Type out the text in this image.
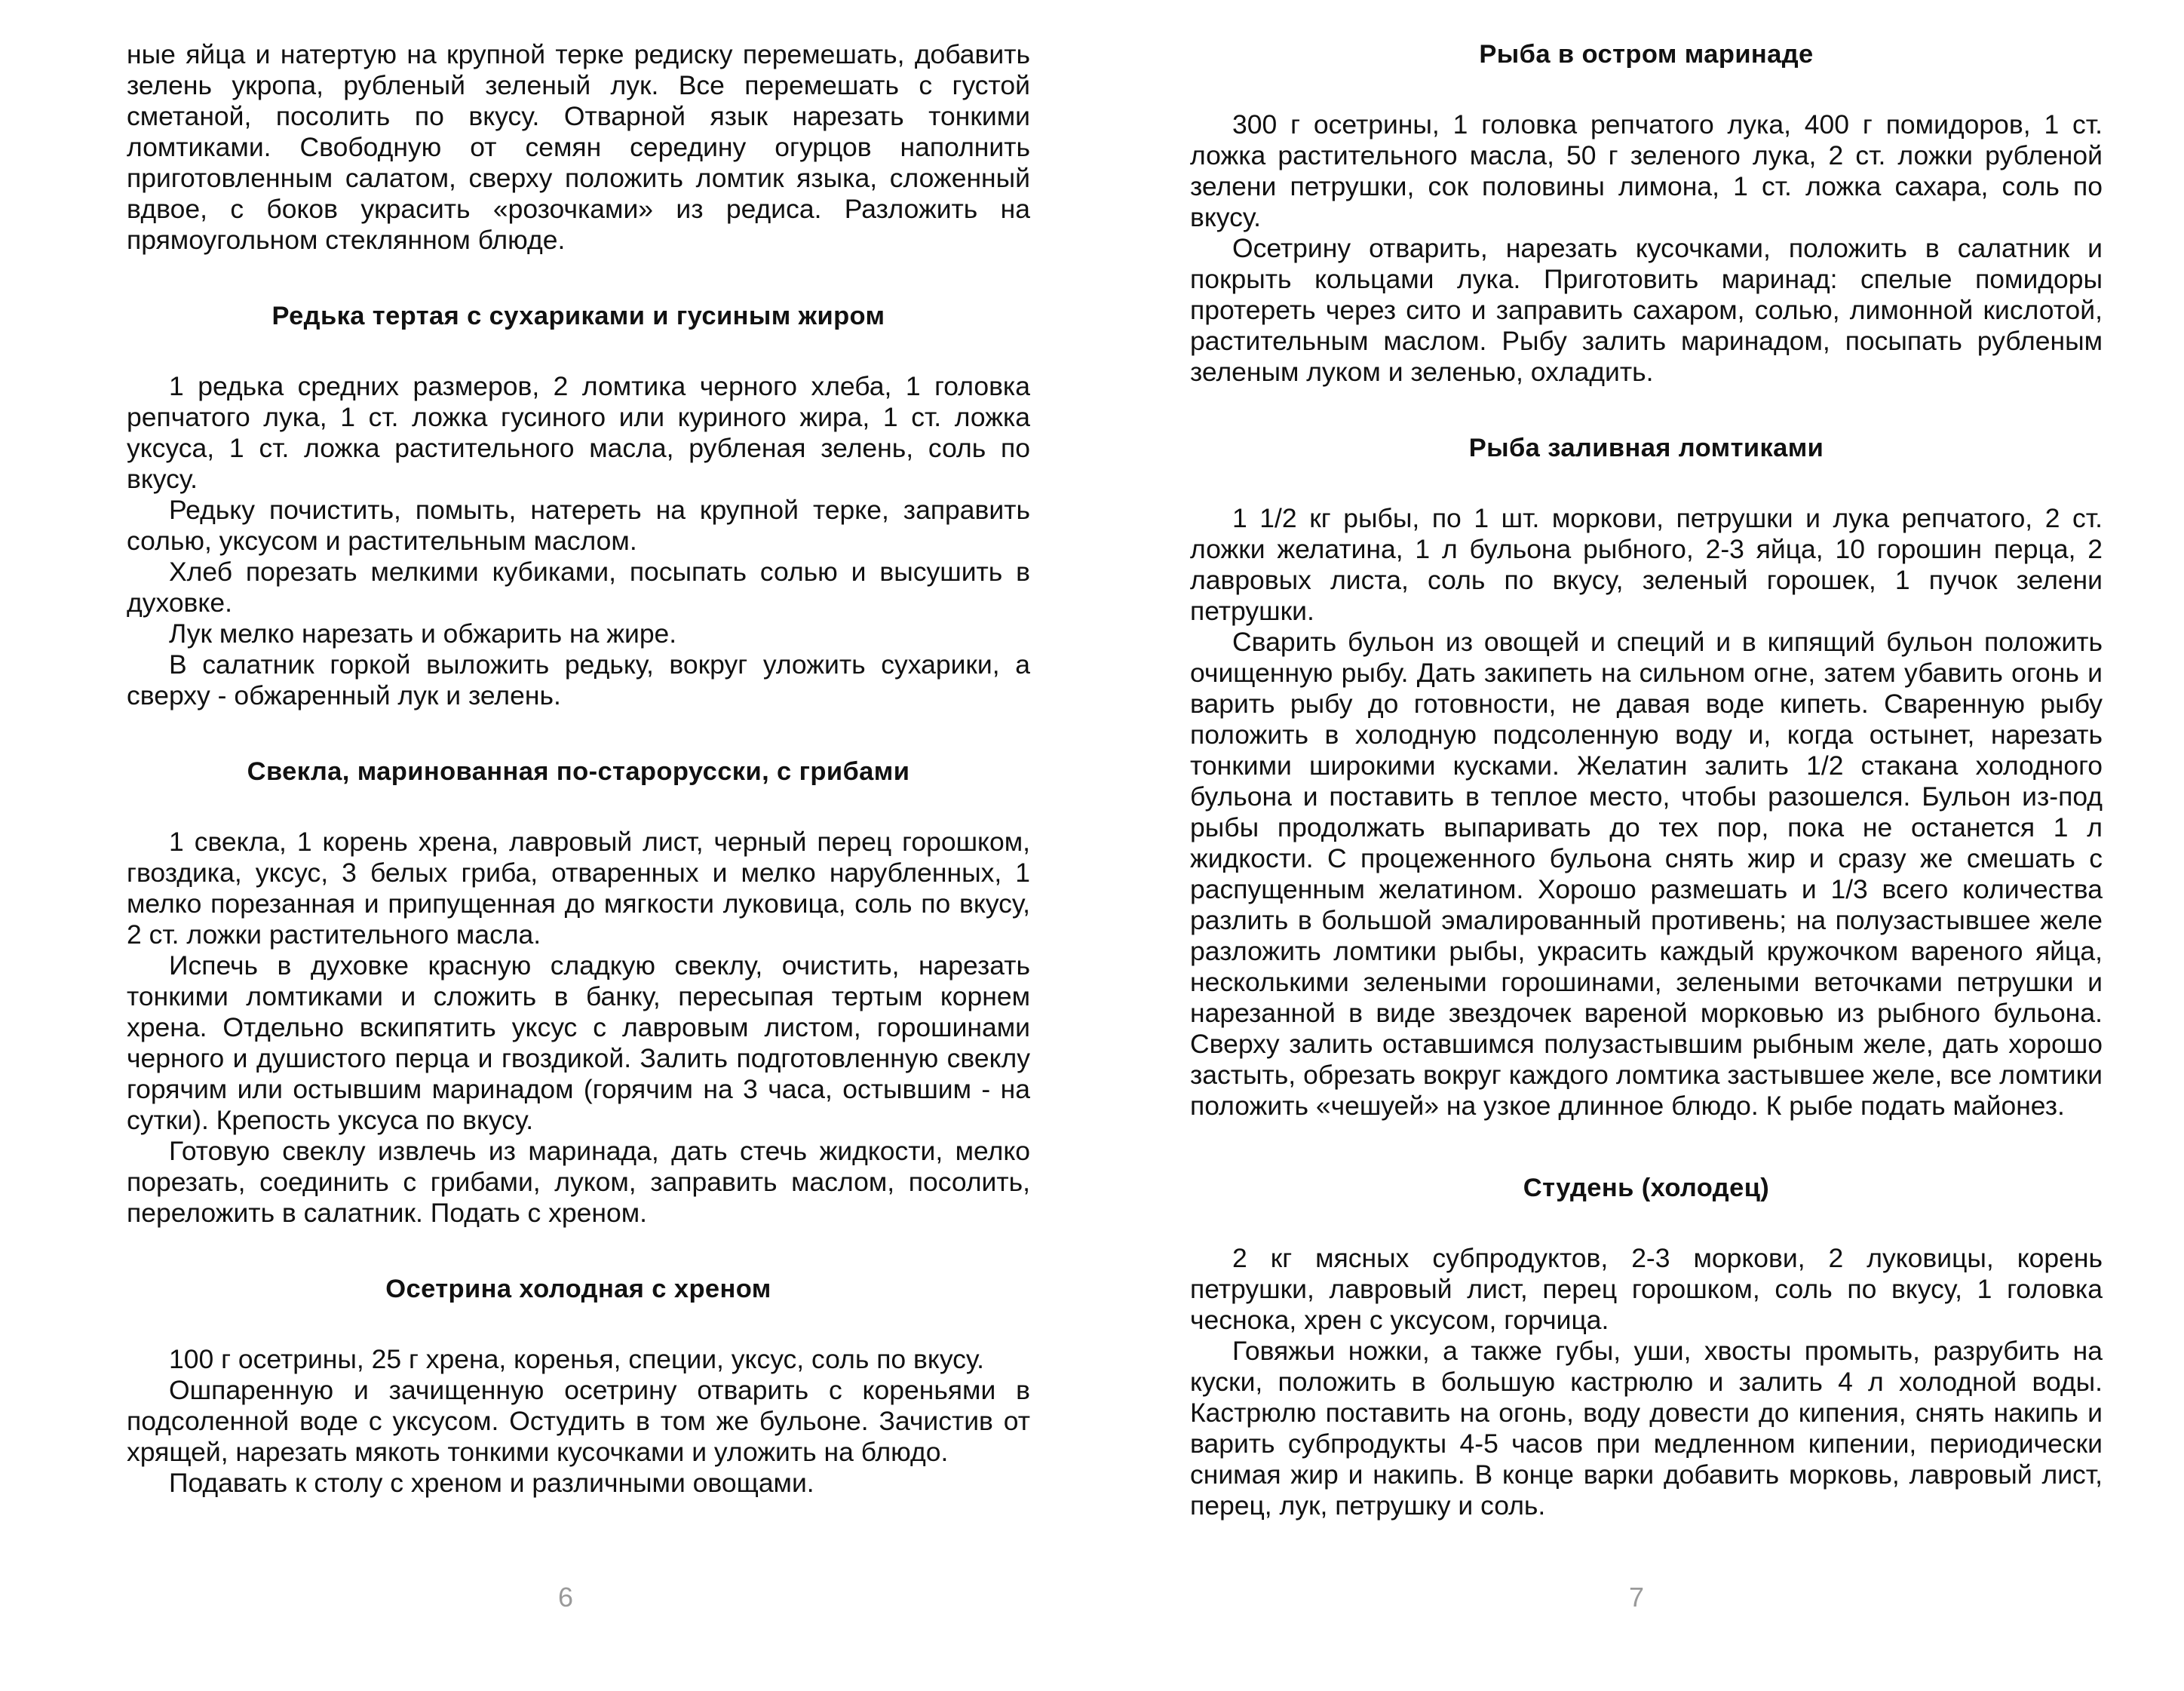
ные яйца и натертую на крупной терке редиску перемешать, добавить зелень укропа, рубленый зеленый лук. Все перемешать с густой сметаной, посолить по вкусу. Отварной язык нарезать тонкими ломтиками. Свободную от семян середину огурцов наполнить приготовленным салатом, сверху положить ломтик языка, сложенный вдвое, с боков украсить «розочками» из редиса. Разложить на прямоугольном стеклянном блюде.

Редька тертая с сухариками и гусиным жиром

1 редька средних размеров, 2 ломтика черного хлеба, 1 головка репчатого лука, 1 ст. ложка гусиного или куриного жира, 1 ст. ложка уксуса, 1 ст. ложка растительного масла, рубленая зелень, соль по вкусу.

Редьку почистить, помыть, натереть на крупной терке, заправить солью, уксусом и растительным маслом.

Хлеб порезать мелкими кубиками, посыпать солью и высушить в духовке.

Лук мелко нарезать и обжарить на жире.

В салатник горкой выложить редьку, вокруг уложить сухарики, а сверху - обжаренный лук и зелень.

Свекла, маринованная по-старорусски, с грибами

1 свекла, 1 корень хрена, лавровый лист, черный перец горошком, гвоздика, уксус, 3 белых гриба, отваренных и мелко нарубленных, 1 мелко порезанная и припущенная до мягкости луковица, соль по вкусу, 2 ст. ложки растительного масла.

Испечь в духовке красную сладкую свеклу, очистить, нарезать тонкими ломтиками и сложить в банку, пересыпая тертым корнем хрена. Отдельно вскипятить уксус с лавровым листом, горошинами черного и душистого перца и гвоздикой. Залить подготовленную свеклу горячим или остывшим маринадом (горячим на 3 часа, остывшим - на сутки). Крепость уксуса по вкусу.

Готовую свеклу извлечь из маринада, дать стечь жидкости, мелко порезать, соединить с грибами, луком, заправить маслом, посолить, переложить в салатник. Подать с хреном.

Осетрина холодная с хреном

100 г осетрины, 25 г хрена, коренья, специи, уксус, соль по вкусу.

Ошпаренную и зачищенную осетрину отварить с кореньями в подсоленной воде с уксусом. Остудить в том же бульоне. Зачистив от хрящей, нарезать мякоть тонкими кусочками и уложить на блюдо.

Подавать к столу с хреном и различными овощами.

6
Рыба в остром маринаде

300 г осетрины, 1 головка репчатого лука, 400 г помидоров, 1 ст. ложка растительного масла, 50 г зеленого лука, 2 ст. ложки рубленой зелени петрушки, сок половины лимона, 1 ст. ложка сахара, соль по вкусу.

Осетрину отварить, нарезать кусочками, положить в салатник и покрыть кольцами лука. Приготовить маринад: спелые помидоры протереть через сито и заправить сахаром, солью, лимонной кислотой, растительным маслом. Рыбу залить маринадом, посыпать рубленым зеленым луком и зеленью, охладить.

Рыба заливная ломтиками

1 1/2 кг рыбы, по 1 шт. моркови, петрушки и лука репчатого, 2 ст. ложки желатина, 1 л бульона рыбного, 2-3 яйца, 10 горошин перца, 2 лавровых листа, соль по вкусу, зеленый горошек, 1 пучок зелени петрушки.

Сварить бульон из овощей и специй и в кипящий бульон положить очищенную рыбу. Дать закипеть на сильном огне, затем убавить огонь и варить рыбу до готовности, не давая воде кипеть. Сваренную рыбу положить в холодную подсоленную воду и, когда остынет, нарезать тонкими широкими кусками. Желатин залить 1/2 стакана холодного бульона и поставить в теплое место, чтобы разошелся. Бульон из-под рыбы продолжать выпаривать до тех пор, пока не останется 1 л жидкости. С процеженного бульона снять жир и сразу же смешать с распущенным желатином. Хорошо размешать и 1/3 всего количества разлить в большой эмалированный противень; на полузастывшее желе разложить ломтики рыбы, украсить каждый кружочком вареного яйца, несколькими зелеными горошинами, зелеными веточками петрушки и нарезанной в виде звездочек вареной морковью из рыбного бульона. Сверху залить оставшимся полузастывшим рыбным желе, дать хорошо застыть, обрезать вокруг каждого ломтика застывшее желе, все ломтики положить «чешуей» на узкое длинное блюдо. К рыбе подать майонез.

Студень (холодец)

2 кг мясных субпродуктов, 2-3 моркови, 2 луковицы, корень петрушки, лавровый лист, перец горошком, соль по вкусу, 1 головка чеснока, хрен с уксусом, горчица.

Говяжьи ножки, а также губы, уши, хвосты промыть, разрубить на куски, положить в большую кастрюлю и залить 4 л холодной воды. Кастрюлю поставить на огонь, воду довести до кипения, снять накипь и варить субпродукты 4-5 часов при медленном кипении, периодически снимая жир и накипь. В конце варки добавить морковь, лавровый лист, перец, лук, петрушку и соль.

7
